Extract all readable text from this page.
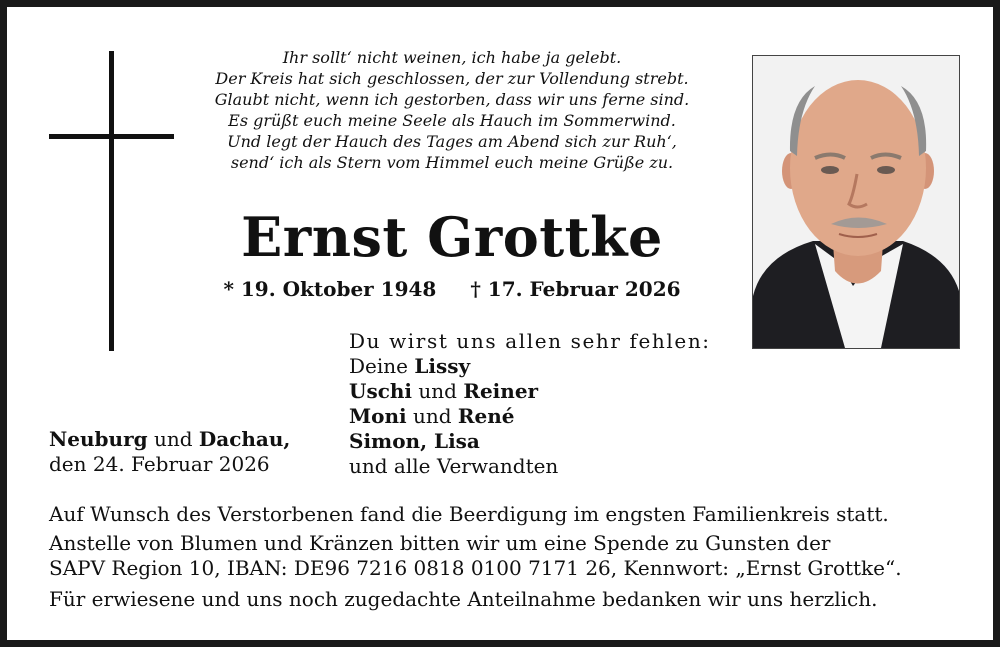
Ihr sollt‘ nicht weinen, ich habe ja gelebt.
Der Kreis hat sich geschlossen, der zur Vollendung strebt.
Glaubt nicht, wenn ich gestorben, dass wir uns ferne sind.
Es grüßt euch meine Seele als Hauch im Sommerwind.
Und legt der Hauch des Tages am Abend sich zur Ruh‘,
send‘ ich als Stern vom Himmel euch meine Grüße zu.
Ernst Grottke
* 19. Oktober 1948 † 17. Februar 2026
Neuburg und Dachau,
den 24. Februar 2026
Du wirst uns allen sehr fehlen:
Deine Lissy
Uschi und Reiner
Moni und René
Simon, Lisa
und alle Verwandten
Auf Wunsch des Verstorbenen fand die Beerdigung im engsten Familienkreis statt.
Anstelle von Blumen und Kränzen bitten wir um eine Spende zu Gunsten der
SAPV Region 10, IBAN: DE96 7216 0818 0100 7171 26, Kennwort: „Ernst Grottke“.
Für erwiesene und uns noch zugedachte Anteilnahme bedanken wir uns herzlich.
